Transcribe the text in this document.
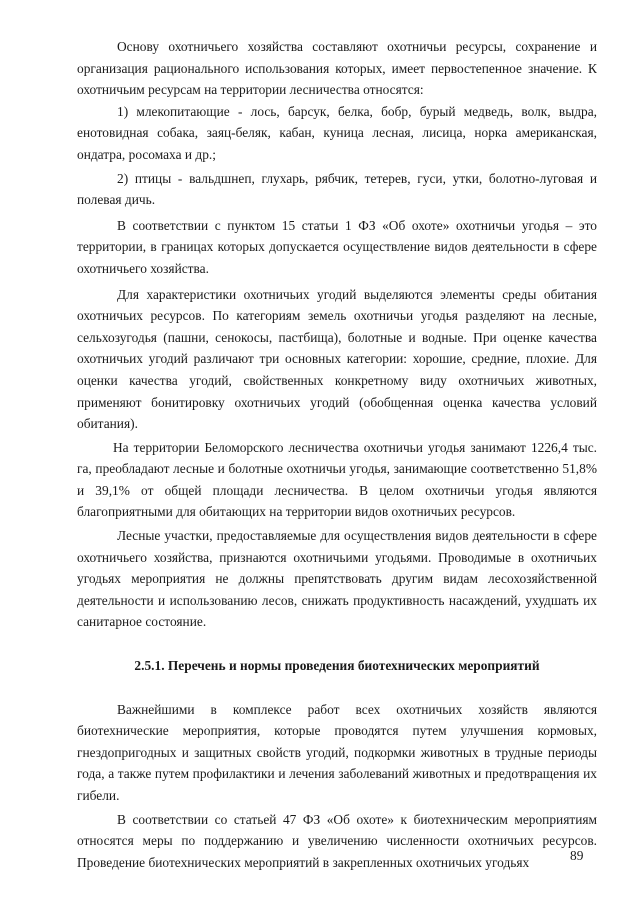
Основу охотничьего хозяйства составляют охотничьи ресурсы, сохранение и организация рационального использования которых, имеет первостепенное значение. К охотничьим ресурсам на территории лесничества относятся:

1) млекопитающие - лось, барсук, белка, бобр, бурый медведь, волк, выдра, енотовидная собака, заяц-беляк, кабан, куница лесная, лисица, норка американская, ондатра, росомаха и др.;

2) птицы - вальдшнеп, глухарь, рябчик, тетерев, гуси, утки, болотно-луговая и полевая дичь.

В соответствии с пунктом 15 статьи 1 ФЗ «Об охоте» охотничьи угодья – это территории, в границах которых допускается осуществление видов деятельности в сфере охотничьего хозяйства.

Для характеристики охотничьих угодий выделяются элементы среды обитания охотничьих ресурсов. По категориям земель охотничьи угодья разделяют на лесные, сельхозугодья (пашни, сенокосы, пастбища), болотные и водные. При оценке качества охотничьих угодий различают три основных категории: хорошие, средние, плохие. Для оценки качества угодий, свойственных конкретному виду охотничьих животных, применяют бонитировку охотничьих угодий (обобщенная оценка качества условий обитания).

На территории Беломорского лесничества охотничьи угодья занимают 1226,4 тыс. га, преобладают лесные и болотные охотничьи угодья, занимающие соответственно 51,8% и 39,1% от общей площади лесничества. В целом охотничьи угодья являются благоприятными для обитающих на территории видов охотничьих ресурсов.

Лесные участки, предоставляемые для осуществления видов деятельности в сфере охотничьего хозяйства, признаются охотничьими угодьями. Проводимые в охотничьих угодьях мероприятия не должны препятствовать другим видам лесохозяйственной деятельности и использованию лесов, снижать продуктивность насаждений, ухудшать их санитарное состояние.

2.5.1. Перечень и нормы проведения биотехнических мероприятий

Важнейшими в комплексе работ всех охотничьих хозяйств являются биотехнические мероприятия, которые проводятся путем улучшения кормовых, гнездопригодных и защитных свойств угодий, подкормки животных в трудные периоды года, а также путем профилактики и лечения заболеваний животных и предотвращения их гибели.

В соответствии со статьей 47 ФЗ «Об охоте» к биотехническим мероприятиям относятся меры по поддержанию и увеличению численности охотничьих ресурсов. Проведение биотехнических мероприятий в закрепленных охотничьих угодьях	89
